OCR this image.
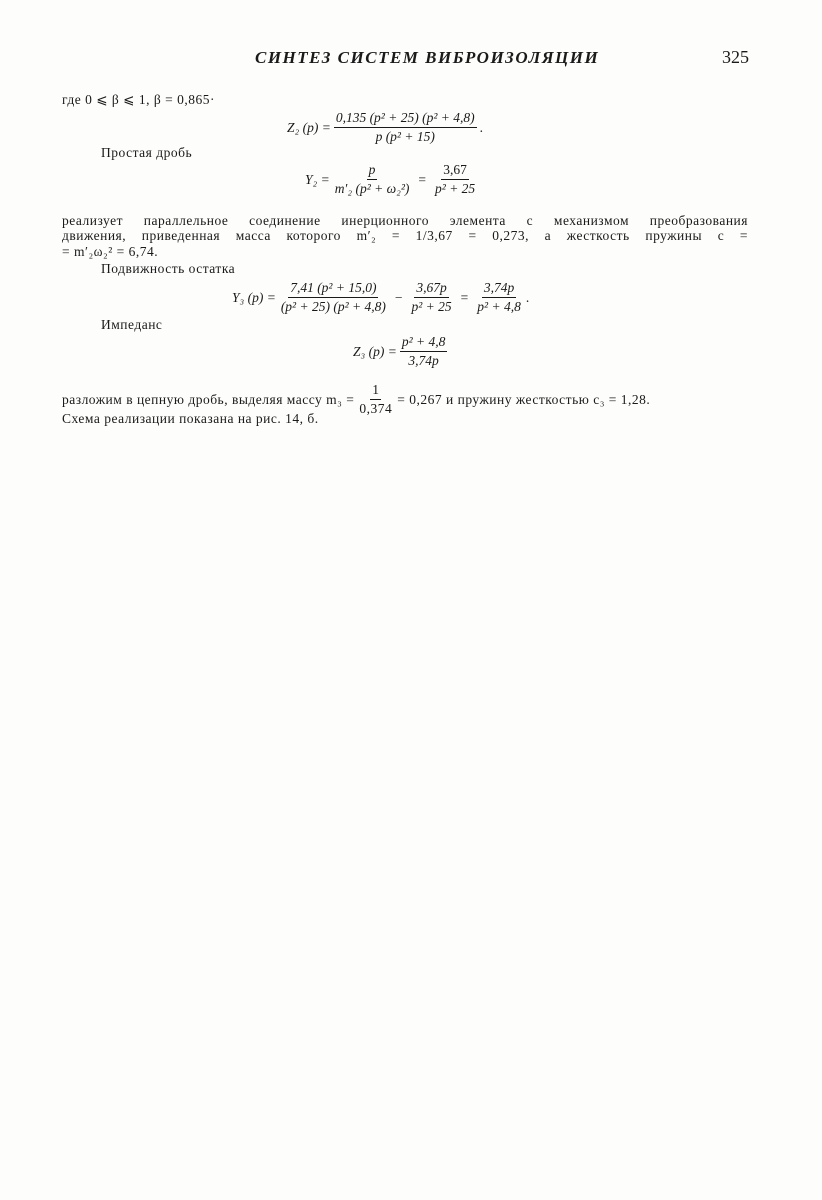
СИНТЕЗ СИСТЕМ ВИБРОИЗОЛЯЦИИ	325
где 0 ⩽ β ⩽ 1, β = 0,865·
Z₂ $(p) = \frac{\text{0,135 (p² + 25) (p² + 4,8)}}{\text{p (p² + 15)}}$ .
Простая дробь
$Y_2 = \frac{p}{\text{m′₂ (p² + ω₂²)}} = \frac{3,67}{\text{p² + 25}}$
реализует параллельное соединение инерционного элемента с механизмом преобразования
движения, приведенная масса которого m′₂ = 1/3,67 = 0,273, а жесткость пружины c =
= m′₂ω₂² = 6,74.
Подвижность остатка
Y₃ $(p) = \frac{\text{7,41 (p² + 15,0)}}{\text{(p² + 25) (p² + 4,8)}} - \frac{3,67p}{\text{p² + 25}} = \frac{3,74p}{\text{p² + 4,8}}$ .
Импеданс
Z₃ $(p) = \frac{\text{p² + 4,8}}{3,74p}$
разложим в цепную дробь, выделяя массу $m_3 = \frac{1}{0,374} = 0,267$ и пружину жесткостью c₃ = 1,28.
Схема реализации показана на рис. 14, б.
